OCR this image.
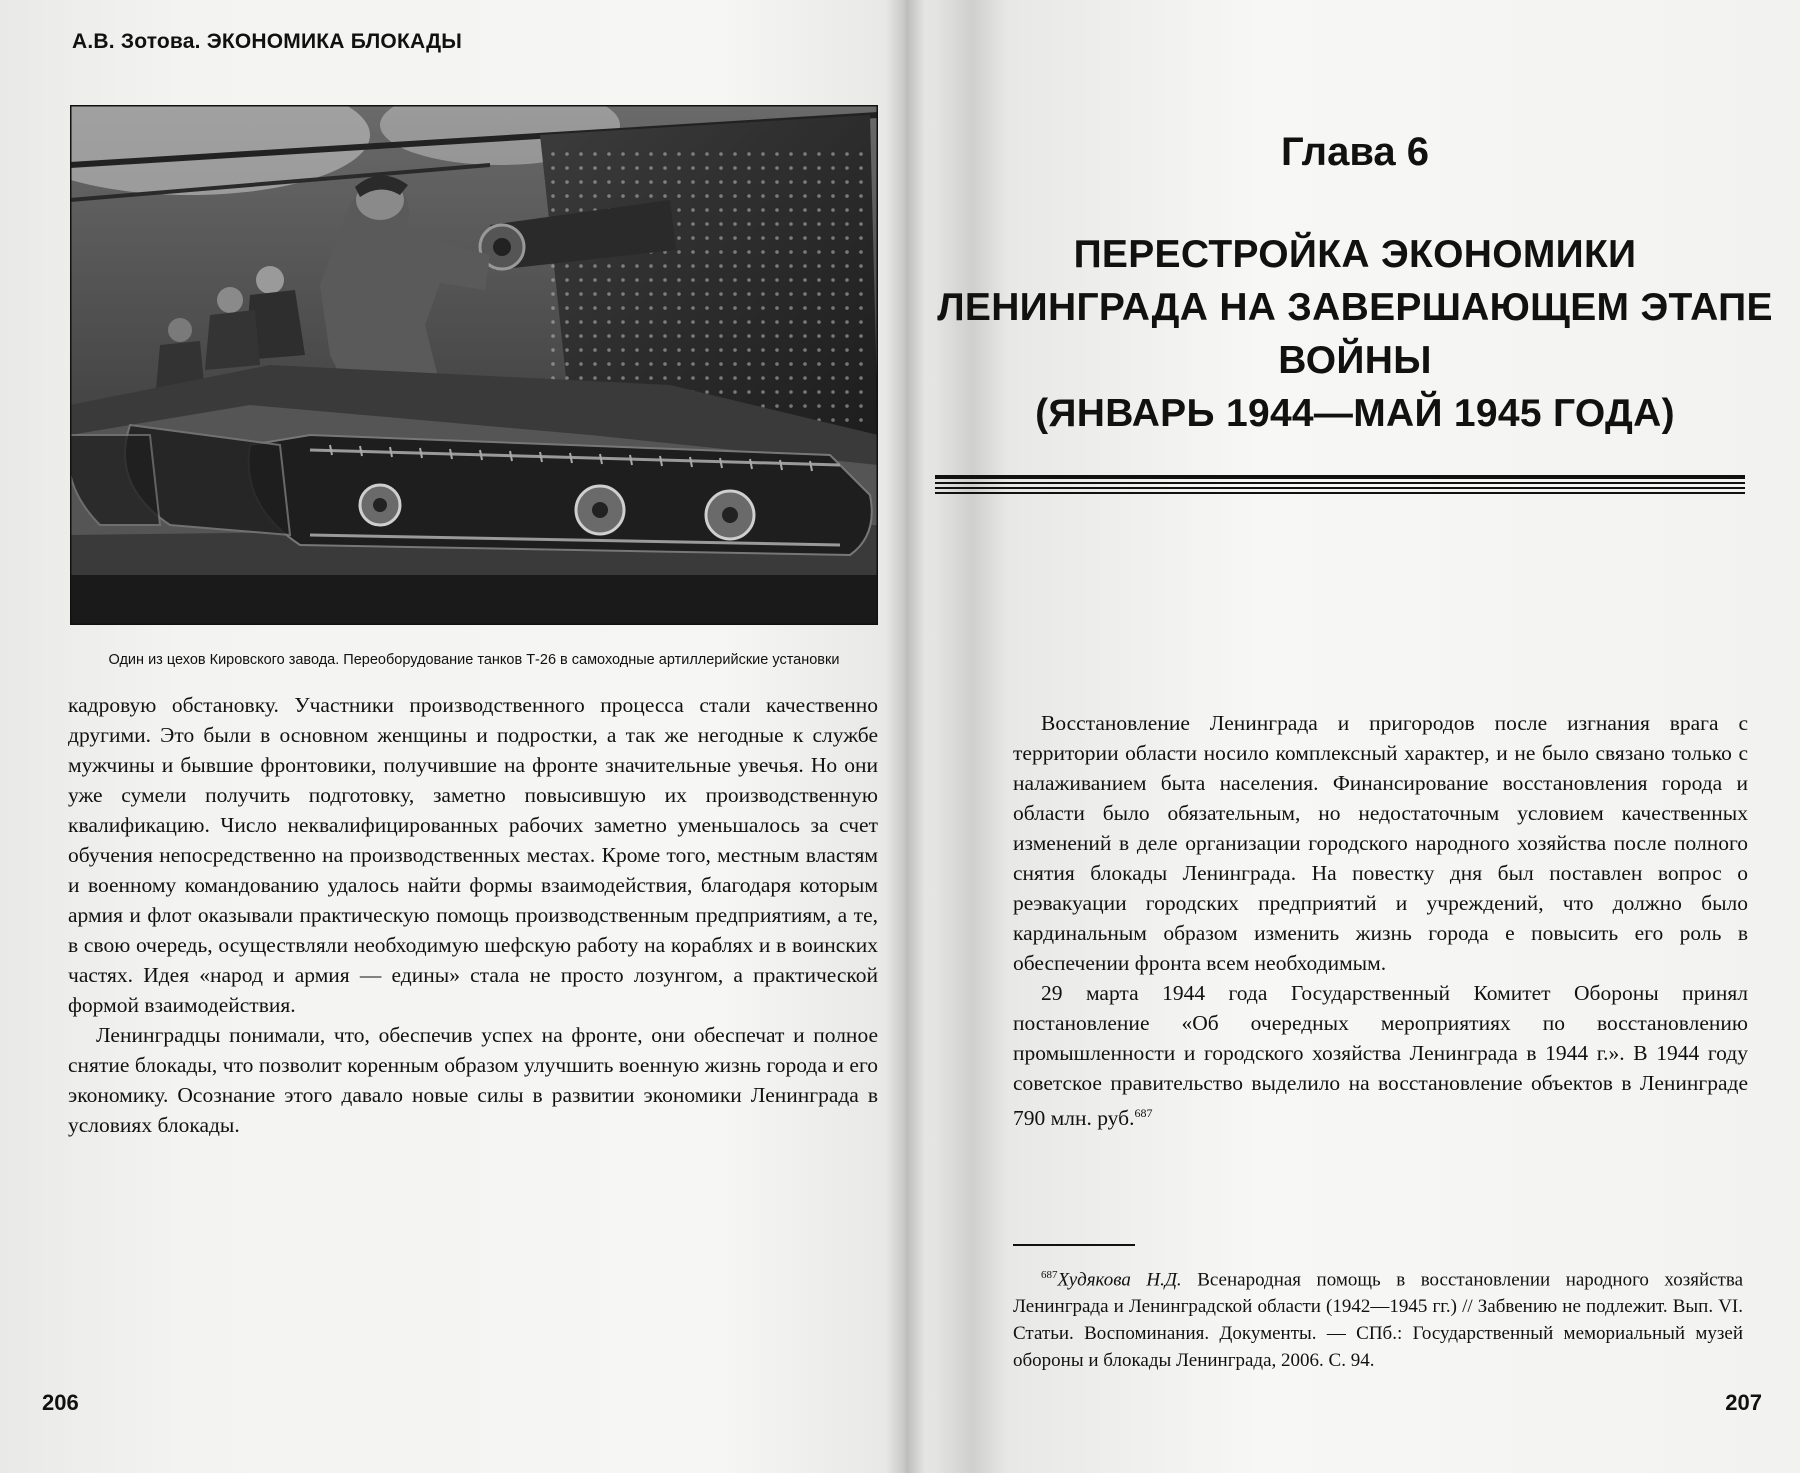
А.В. Зотова. ЭКОНОМИКА БЛОКАДЫ
Один из цехов Кировского завода. Переоборудование танков Т-26 в самоходные артиллерийские установки

кадровую обстановку. Участники производственного процесса стали качественно другими. Это были в основном женщины и подростки, а так же негодные к службе мужчины и бывшие фронтовики, получившие на фронте значительные увечья. Но они уже сумели получить подготовку, заметно повысившую их производственную квалификацию. Число неквалифицированных рабочих заметно уменьшалось за счет обучения непосредственно на производственных местах. Кроме того, местным властям и военному командованию удалось найти формы взаимодействия, благодаря которым армия и флот оказывали практическую помощь производственным предприятиям, а те, в свою очередь, осуществляли необходимую шефскую работу на кораблях и в воинских частях. Идея «народ и армия — едины» стала не просто лозунгом, а практической формой взаимодействия.

Ленинградцы понимали, что, обеспечив успех на фронте, они обеспечат и полное снятие блокады, что позволит коренным образом улучшить военную жизнь города и его экономику. Осознание этого давало новые силы в развитии экономики Ленинграда в условиях блокады.

206
Глава 6
ПЕРЕСТРОЙКА ЭКОНОМИКИ
ЛЕНИНГРАДА НА ЗАВЕРШАЮЩЕМ ЭТАПЕ
ВОЙНЫ
(ЯНВАРЬ 1944—МАЙ 1945 ГОДА)

Восстановление Ленинграда и пригородов после изгнания врага с территории области носило комплексный характер, и не было связано только с налаживанием быта населения. Финансирование восстановления города и области было обязательным, но недостаточным условием качественных изменений в деле организации городского народного хозяйства после полного снятия блокады Ленинграда. На повестку дня был поставлен вопрос о реэвакуации городских предприятий и учреждений, что должно было кардинальным образом изменить жизнь города е повысить его роль в обеспечении фронта всем необходимым.

29 марта 1944 года Государственный Комитет Обороны принял постановление «Об очередных мероприятиях по восстановлению промышленности и городского хозяйства Ленинграда в 1944 г.». В 1944 году советское правительство выделило на восстановление объектов в Ленинграде 790 млн. руб.$^{687}$

$^{687}$Худякова Н.Д. Всенародная помощь в восстановлении народного хозяйства Ленинграда и Ленинградской области (1942—1945 гг.) // Забвению не подлежит. Вып. VI. Статьи. Воспоминания. Документы. — СПб.: Государственный мемориальный музей обороны и блокады Ленинграда, 2006. С. 94.

207
